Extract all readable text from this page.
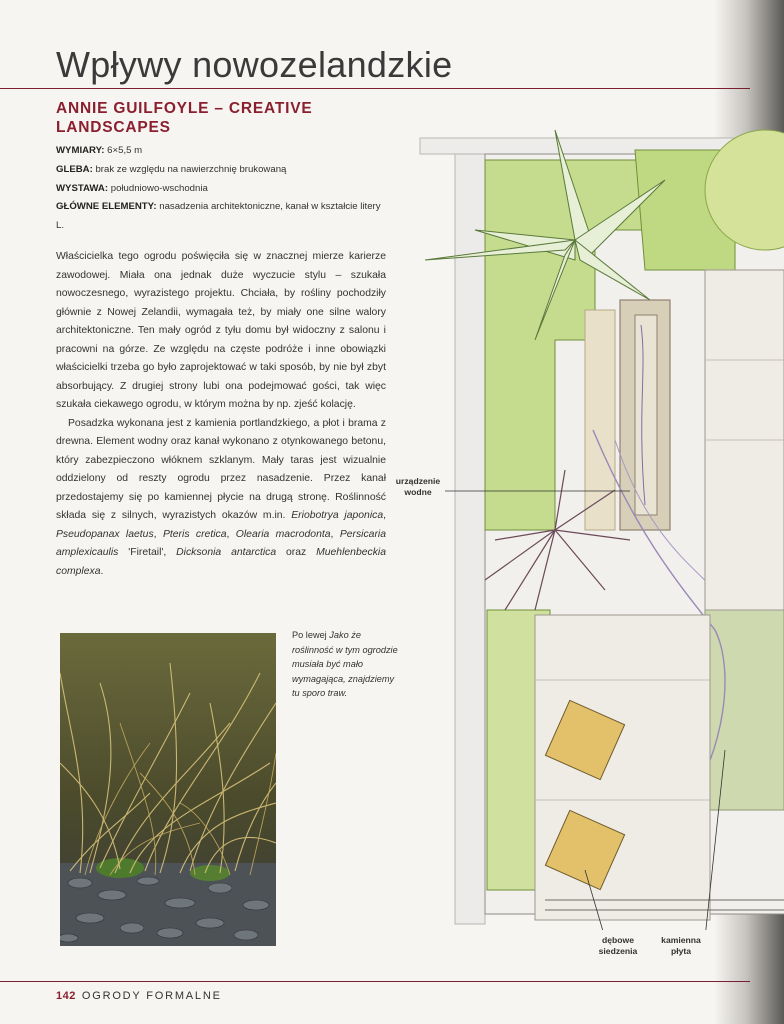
Wpływy nowozelandzkie
ANNIE GUILFOYLE – CREATIVE LANDSCAPES
WYMIARY: 6×5,5 m
GLEBA: brak ze względu na nawierzchnię brukowaną
WYSTAWA: południowo-wschodnia
GŁÓWNE ELEMENTY: nasadzenia architektoniczne, kanał w kształcie litery L.

Właścicielka tego ogrodu poświęciła się w znacznej mierze karierze zawodowej. Miała ona jednak duże wyczucie stylu – szukała nowoczesnego, wyrazistego projektu. Chciała, by rośliny pochodziły głównie z Nowej Zelandii, wymagała też, by miały one silne walory architektoniczne. Ten mały ogród z tyłu domu był widoczny z salonu i pracowni na górze. Ze względu na częste podróże i inne obowiązki właścicielki trzeba go było zaprojektować w taki sposób, by nie był zbyt absorbujący. Z drugiej strony lubi ona podejmować gości, tak więc szukała ciekawego ogrodu, w którym można by np. zjeść kolację.

Posadzka wykonana jest z kamienia portlandzkiego, a płot i brama z drewna. Element wodny oraz kanał wykonano z otynkowanego betonu, który zabezpieczono włóknem szklanym. Mały taras jest wizualnie oddzielony od reszty ogrodu przez nasadzenie. Przez kanał przedostajemy się po kamiennej płycie na drugą stronę. Roślinność składa się z silnych, wyrazistych okazów m.in. Eriobotrya japonica, Pseudopanax laetus, Pteris cretica, Olearia macrodonta, Persicaria amplexicaulis 'Firetail', Dicksonia antarctica oraz Muehlenbeckia complexa.

Po lewej Jako że roślinność w tym ogrodzie musiała być mało wymagająca, znajdziemy tu sporo traw.
urządzenie wodne
dębowe siedzenia
kamienna płyta
142 OGRODY FORMALNE
